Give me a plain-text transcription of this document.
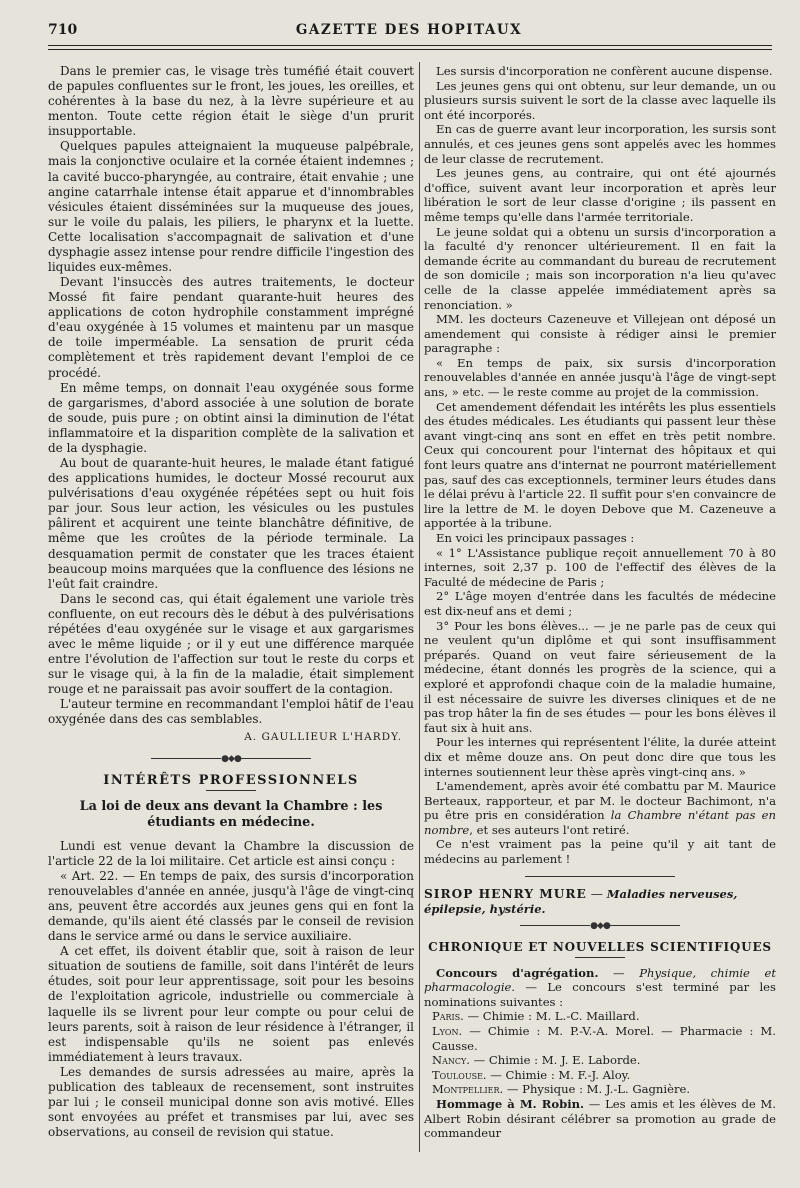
710	GAZETTE DES HOPITAUX

Dans le premier cas, le visage très tuméfié était couvert de papules confluentes sur le front, les joues, les oreilles, et cohérentes à la base du nez, à la lèvre supérieure et au menton. Toute cette région était le siège d'un prurit insupportable.

Quelques papules atteignaient la muqueuse palpébrale, mais la conjonctive oculaire et la cornée étaient indemnes ; la cavité bucco-pharyngée, au contraire, était envahie ; une angine catarrhale intense était apparue et d'innombrables vésicules étaient disséminées sur la muqueuse des joues, sur le voile du palais, les piliers, le pharynx et la luette. Cette localisation s'accompagnait de salivation et d'une dysphagie assez intense pour rendre difficile l'ingestion des liquides eux-mêmes.

Devant l'insuccès des autres traitements, le docteur Mossé fit faire pendant quarante-huit heures des applications de coton hydrophile constamment imprégné d'eau oxygénée à 15 volumes et maintenu par un masque de toile imperméable. La sensation de prurit céda complètement et très rapidement devant l'emploi de ce procédé.

En même temps, on donnait l'eau oxygénée sous forme de gargarismes, d'abord associée à une solution de borate de soude, puis pure ; on obtint ainsi la diminution de l'état inflammatoire et la disparition complète de la salivation et de la dysphagie.

Au bout de quarante-huit heures, le malade étant fatigué des applications humides, le docteur Mossé recourut aux pulvérisations d'eau oxygénée répétées sept ou huit fois par jour. Sous leur action, les vésicules ou les pustules pâlirent et acquirent une teinte blanchâtre définitive, de même que les croûtes de la période terminale. La desquamation permit de constater que les traces étaient beaucoup moins marquées que la confluence des lésions ne l'eût fait craindre.

Dans le second cas, qui était également une variole très confluente, on eut recours dès le début à des pulvérisations répétées d'eau oxygénée sur le visage et aux gargarismes avec le même liquide ; or il y eut une différence marquée entre l'évolution de l'affection sur tout le reste du corps et sur le visage qui, à la fin de la maladie, était simplement rouge et ne paraissait pas avoir souffert de la contagion.

L'auteur termine en recommandant l'emploi hâtif de l'eau oxygénée dans des cas semblables.

A. GAULLIEUR L'HARDY.
●◆●
INTÉRÊTS PROFESSIONNELS
La loi de deux ans devant la Chambre : les étudiants en médecine.

Lundi est venue devant la Chambre la discussion de l'article 22 de la loi militaire. Cet article est ainsi conçu :

« Art. 22. — En temps de paix, des sursis d'incorporation renouvelables d'année en année, jusqu'à l'âge de vingt-cinq ans, peuvent être accordés aux jeunes gens qui en font la demande, qu'ils aient été classés par le conseil de revision dans le service armé ou dans le service auxiliaire.

A cet effet, ils doivent établir que, soit à raison de leur situation de soutiens de famille, soit dans l'intérêt de leurs études, soit pour leur apprentissage, soit pour les besoins de l'exploitation agricole, industrielle ou commerciale à laquelle ils se livrent pour leur compte ou pour celui de leurs parents, soit à raison de leur résidence à l'étranger, il est indispensable qu'ils ne soient pas enlevés immédiatement à leurs travaux.

Les demandes de sursis adressées au maire, après la publication des tableaux de recensement, sont instruites par lui ; le conseil municipal donne son avis motivé. Elles sont envoyées au préfet et transmises par lui, avec ses observations, au conseil de revision qui statue.

Les sursis d'incorporation ne confèrent aucune dispense.

Les jeunes gens qui ont obtenu, sur leur demande, un ou plusieurs sursis suivent le sort de la classe avec laquelle ils ont été incorporés.

En cas de guerre avant leur incorporation, les sursis sont annulés, et ces jeunes gens sont appelés avec les hommes de leur classe de recrutement.

Les jeunes gens, au contraire, qui ont été ajournés d'office, suivent avant leur incorporation et après leur libération le sort de leur classe d'origine ; ils passent en même temps qu'elle dans l'armée territoriale.

Le jeune soldat qui a obtenu un sursis d'incorporation a la faculté d'y renoncer ultérieurement. Il en fait la demande écrite au commandant du bureau de recrutement de son domicile ; mais son incorporation n'a lieu qu'avec celle de la classe appelée immédiatement après sa renonciation. »

MM. les docteurs Cazeneuve et Villejean ont déposé un amendement qui consiste à rédiger ainsi le premier paragraphe :

« En temps de paix, six sursis d'incorporation renouvelables d'année en année jusqu'à l'âge de vingt-sept ans, » etc. — le reste comme au projet de la commission.

Cet amendement défendait les intérêts les plus essentiels des études médicales. Les étudiants qui passent leur thèse avant vingt-cinq ans sont en effet en très petit nombre. Ceux qui concourent pour l'internat des hôpitaux et qui font leurs quatre ans d'internat ne pourront matériellement pas, sauf des cas exceptionnels, terminer leurs études dans le délai prévu à l'article 22. Il suffit pour s'en convaincre de lire la lettre de M. le doyen Debove que M. Cazeneuve a apportée à la tribune.

En voici les principaux passages :

« 1° L'Assistance publique reçoit annuellement 70 à 80 internes, soit 2,37 p. 100 de l'effectif des élèves de la Faculté de médecine de Paris ;

2° L'âge moyen d'entrée dans les facultés de médecine est dix-neuf ans et demi ;

3° Pour les bons élèves... — je ne parle pas de ceux qui ne veulent qu'un diplôme et qui sont insuffisamment préparés. Quand on veut faire sérieusement de la médecine, étant donnés les progrès de la science, qui a exploré et approfondi chaque coin de la maladie humaine, il est nécessaire de suivre les diverses cliniques et de ne pas trop hâter la fin de ses études — pour les bons élèves il faut six à huit ans.

Pour les internes qui représentent l'élite, la durée atteint dix et même douze ans. On peut donc dire que tous les internes soutiennent leur thèse après vingt-cinq ans. »

L'amendement, après avoir été combattu par M. Maurice Berteaux, rapporteur, et par M. le docteur Bachimont, n'a pu être pris en considération la Chambre n'étant pas en nombre, et ses auteurs l'ont retiré.

Ce n'est vraiment pas la peine qu'il y ait tant de médecins au parlement !

SIROP HENRY MURE — Maladies nerveuses, épilepsie, hystérie.

●◆●
CHRONIQUE ET NOUVELLES SCIENTIFIQUES

Concours d'agrégation. — Physique, chimie et pharmacologie. — Le concours s'est terminé par les nominations suivantes :

Paris. — Chimie : M. L.-C. Maillard.

Lyon. — Chimie : M. P.-V.-A. Morel. — Pharmacie : M. Causse.

Nancy. — Chimie : M. J. E. Laborde.

Toulouse. — Chimie : M. F.-J. Aloy.

Montpellier. — Physique : M. J.-L. Gagnière.

Hommage à M. Robin. — Les amis et les élèves de M. Albert Robin désirant célébrer sa promotion au grade de commandeur
